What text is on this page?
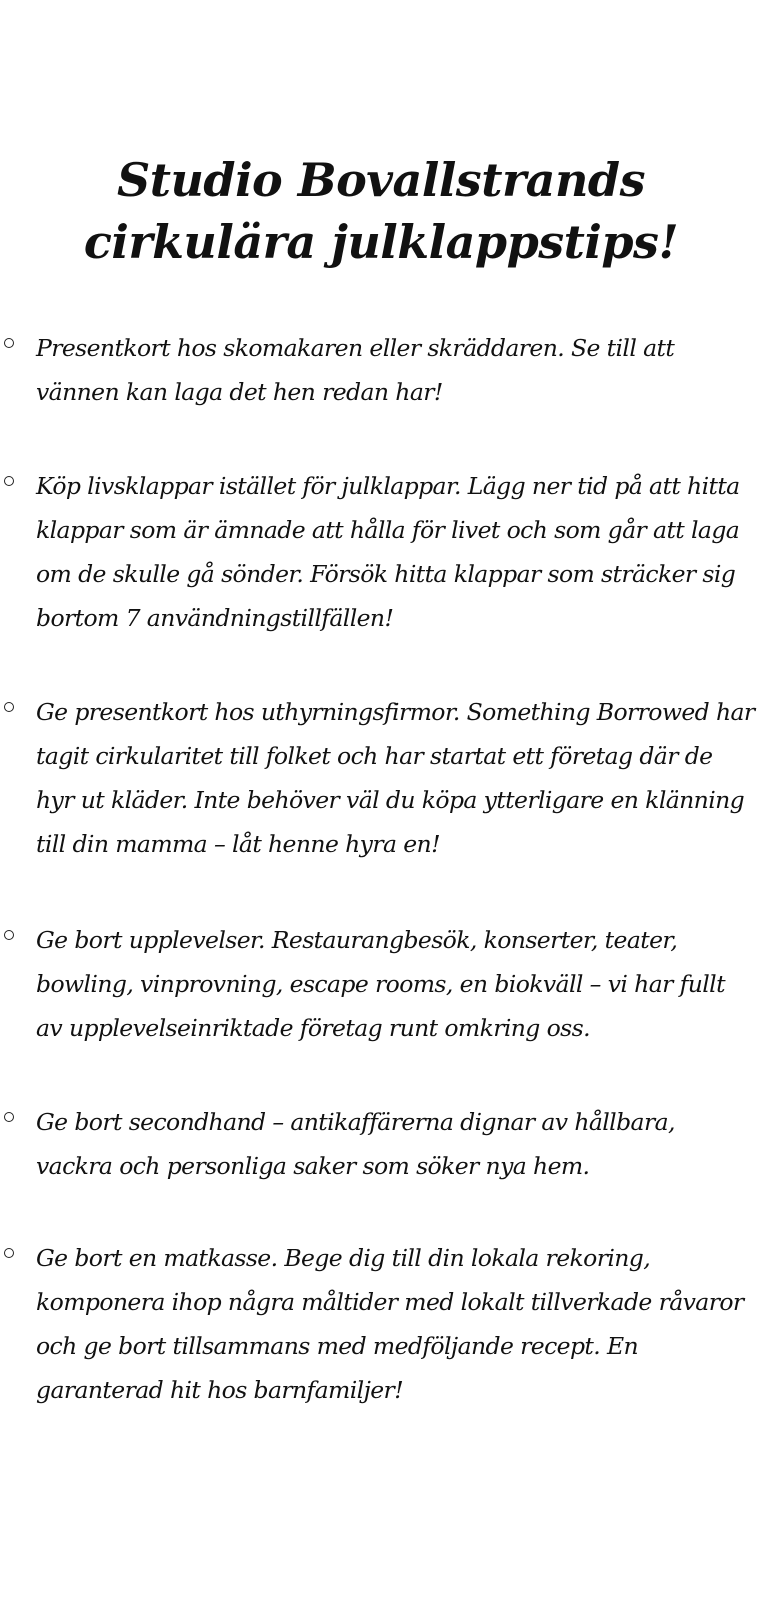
Studio Bovallstrands
cirkulära julklappstips!
Presentkort hos skomakaren eller skräddaren. Se till att vännen kan laga det hen redan har!
Köp livsklappar istället för julklappar. Lägg ner tid på att hitta klappar som är ämnade att hålla för livet och som går att laga om de skulle gå sönder. Försök hitta klappar som sträcker sig bortom 7 användningstillfällen!
Ge presentkort hos uthyrningsfirmor. Something Borrowed har tagit cirkularitet till folket och har startat ett företag där de hyr ut kläder. Inte behöver väl du köpa ytterligare en klänning till din mamma – låt henne hyra en!
Ge bort upplevelser. Restaurangbesök, konserter, teater, bowling, vinprovning, escape rooms, en biokväll – vi har fullt av upplevelseinriktade företag runt omkring oss.
Ge bort secondhand – antikaffärerna dignar av hållbara, vackra och personliga saker som söker nya hem.
Ge bort en matkasse. Bege dig till din lokala rekoring, komponera ihop några måltider med lokalt tillverkade råvaror och ge bort tillsammans med medföljande recept. En garanterad hit hos barnfamiljer!
